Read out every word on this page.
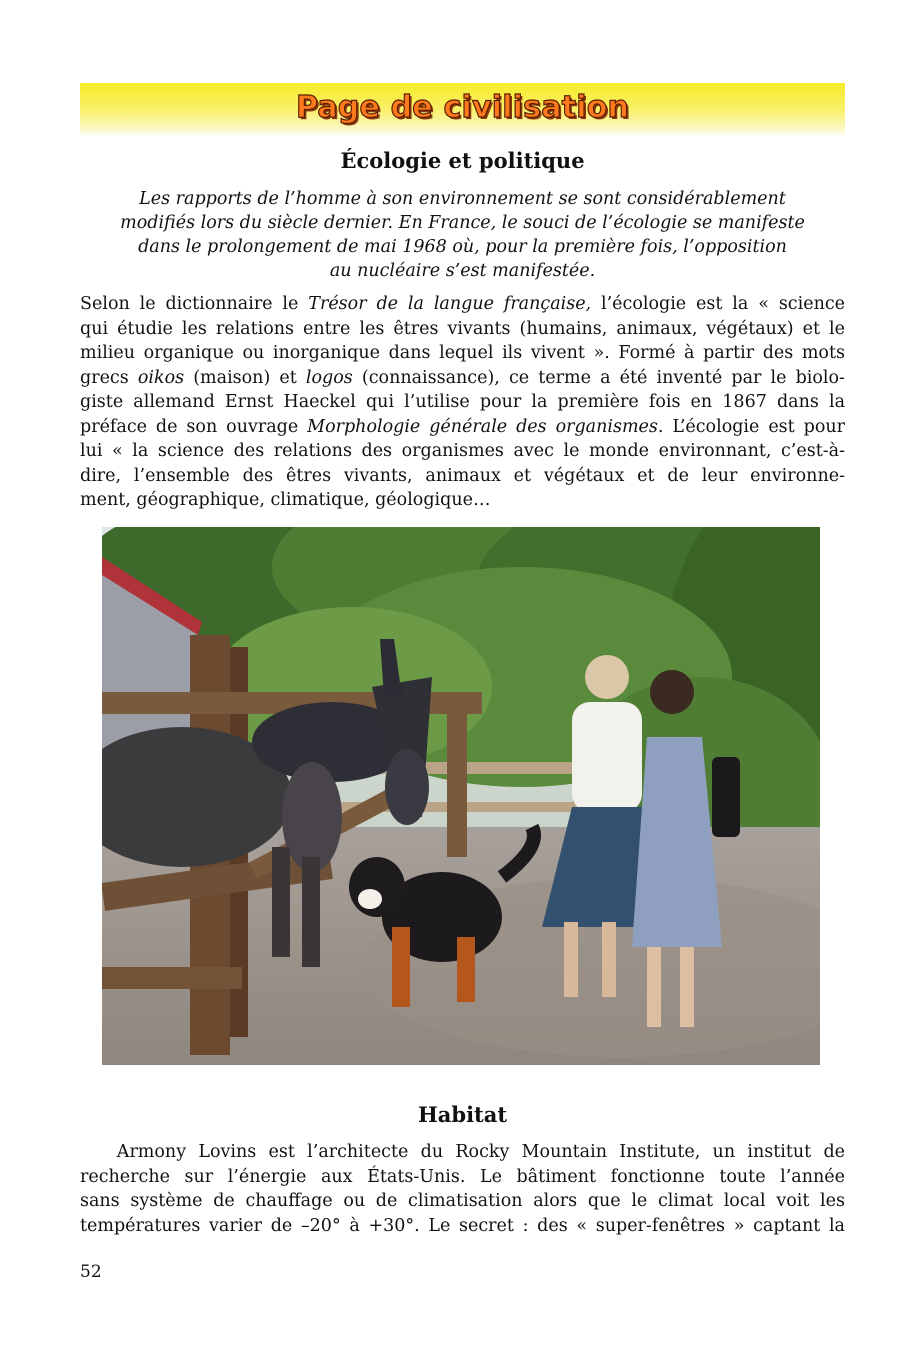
Page de civilisation
Écologie et politique
Les rapports de l’homme à son environnement se sont considérablement
modifiés lors du siècle dernier. En France, le souci de l’écologie se manifeste
dans le prolongement de mai 1968 où, pour la première fois, l’opposition
au nucléaire s’est manifestée.
Selon le dictionnaire le Trésor de la langue française, l’écologie est la « science
qui étudie les relations entre les êtres vivants (humains, animaux, végétaux) et le
milieu organique ou inorganique dans lequel ils vivent ». Formé à partir des mots
grecs oikos (maison) et logos (connaissance), ce terme a été inventé par le biolo-
giste allemand Ernst Haeckel qui l’utilise pour la première fois en 1867 dans la
préface de son ouvrage Morphologie générale des organismes. L’écologie est pour
lui « la science des relations des organismes avec le monde environnant, c’est-à-
dire, l’ensemble des êtres vivants, animaux et végétaux et de leur environne-
ment, géographique, climatique, géologique…
Habitat
Armony Lovins est l’architecte du Rocky Mountain Institute, un institut de
recherche sur l’énergie aux États-Unis. Le bâtiment fonctionne toute l’année
sans système de chauffage ou de climatisation alors que le climat local voit les
températures varier de –20° à +30°. Le secret : des « super-fenêtres » captant la
52
